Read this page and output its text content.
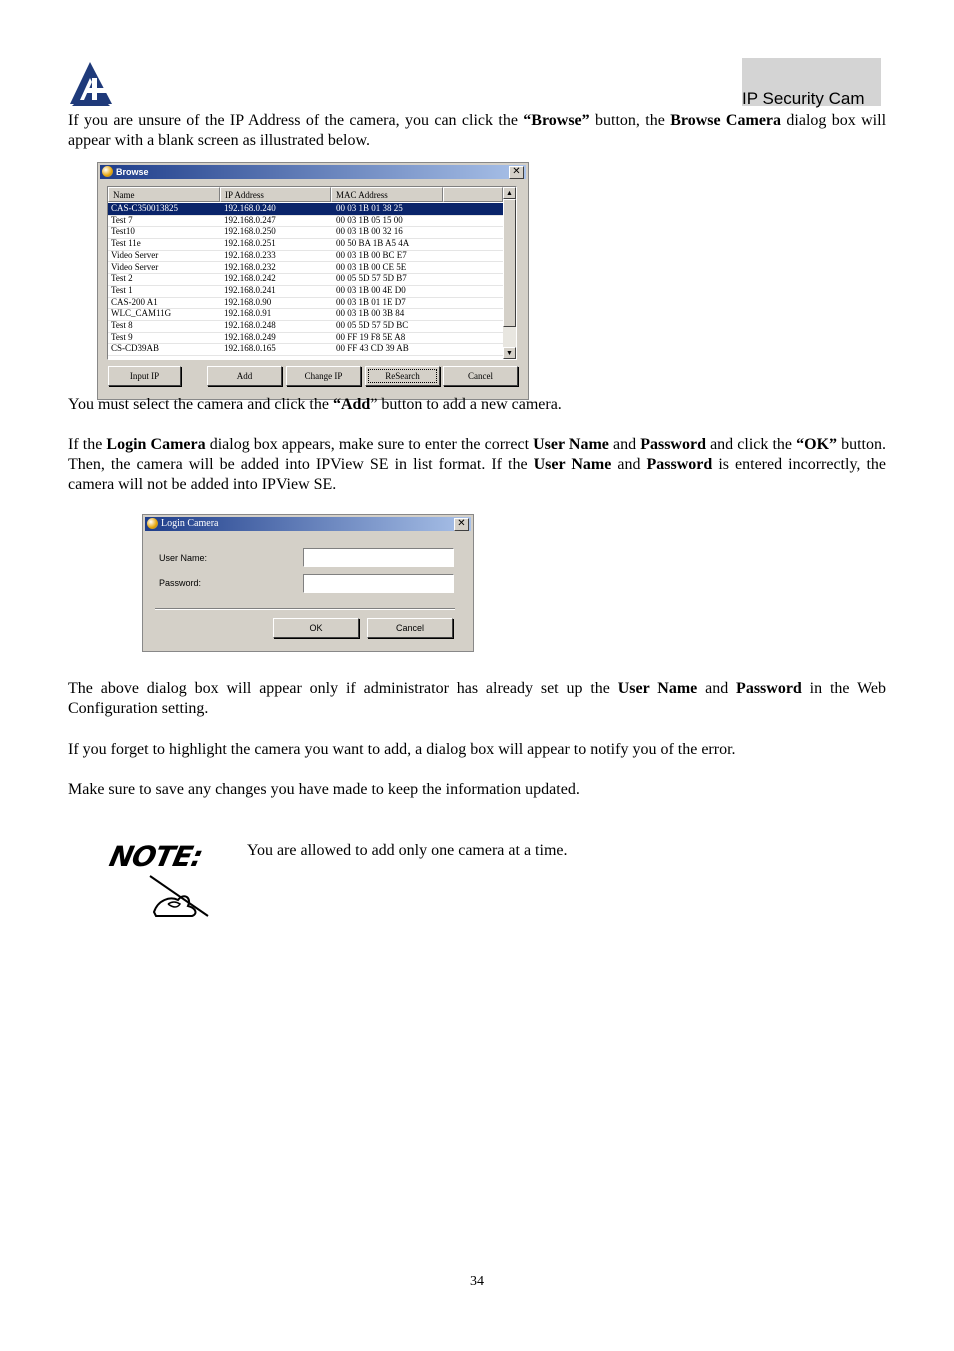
IP Security Cam

If you are unsure of the IP Address of the camera, you can click the “Browse” button, the Browse Camera dialog box will appear with a blank screen as illustrated below.

Browse	✕
Name	IP Address	MAC Address
CAS-C350013825	192.168.0.240	00 03 1B 01 38 25
Test 7	192.168.0.247	00 03 1B 05 15 00
Test10	192.168.0.250	00 03 1B 00 32 16
Test 11e	192.168.0.251	00 50 BA 1B A5 4A
Video Server	192.168.0.233	00 03 1B 00 BC E7
Video Server	192.168.0.232	00 03 1B 00 CE 5E
Test 2	192.168.0.242	00 05 5D 57 5D B7
Test 1	192.168.0.241	00 03 1B 00 4E D0
CAS-200 A1	192.168.0.90	00 03 1B 01 1E D7
WLC_CAM11G	192.168.0.91	00 03 1B 00 3B 84
Test 8	192.168.0.248	00 05 5D 57 5D BC
Test 9	192.168.0.249	00 FF 19 F8 5E A8
CS-CD39AB	192.168.0.165	00 FF 43 CD 39 AB
▲
▼
Input IP	Add	Change IP	ReSearch	Cancel

You must select the camera and click the “Add” button to add a new camera.

If the Login Camera dialog box appears, make sure to enter the correct User Name and Password and click the “OK” button. Then, the camera will be added into IPView SE in list format. If the User Name and Password is entered incorrectly, the camera will not be added into IPView SE.

Login Camera	✕
User Name:
Password:
OK	Cancel

The above dialog box will appear only if administrator has already set up the User Name and Password in the Web Configuration setting.

If you forget to highlight the camera you want to add, a dialog box will appear to notify you of the error.

Make sure to save any changes you have made to keep the information updated.

NOTE:	You are allowed to add only one camera at a time.

34
